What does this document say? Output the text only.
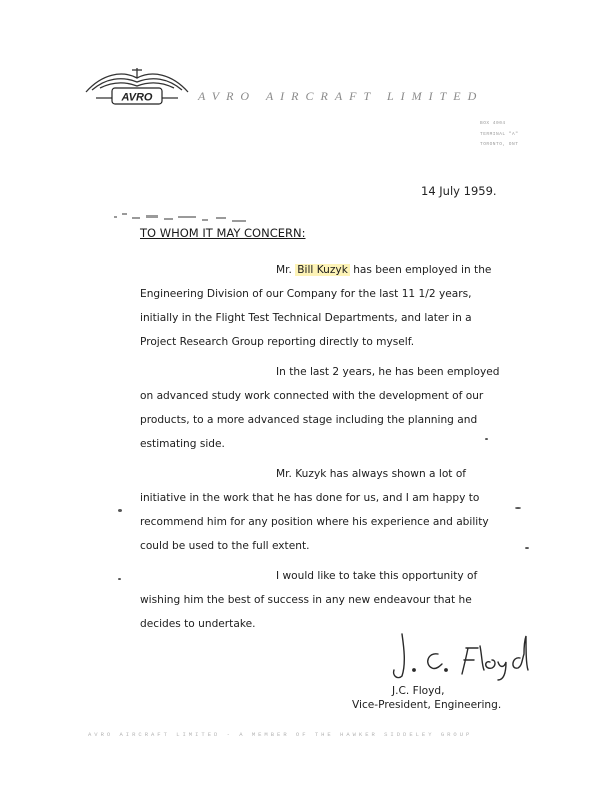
AVRO	AVRO AIRCRAFT LIMITED
BOX 4004
TERMINAL "A"
TORONTO, ONT
14 July 1959.
TO WHOM IT MAY CONCERN:

Mr. Bill Kuzyk has been employed in the Engineering Division of our Company for the last 11 1/2 years, initially in the Flight Test Technical Departments, and later in a Project Research Group reporting directly to myself.

In the last 2 years, he has been employed on advanced study work connected with the development of our products, to a more advanced stage including the planning and estimating side.

Mr. Kuzyk has always shown a lot of initiative in the work that he has done for us, and I am happy to recommend him for any position where his experience and ability could be used to the full extent.

I would like to take this opportunity of wishing him the best of success in any new endeavour that he decides to undertake.

J.C. Floyd,
Vice-President, Engineering.
AVRO AIRCRAFT LIMITED - A MEMBER OF THE HAWKER SIDDELEY GROUP
